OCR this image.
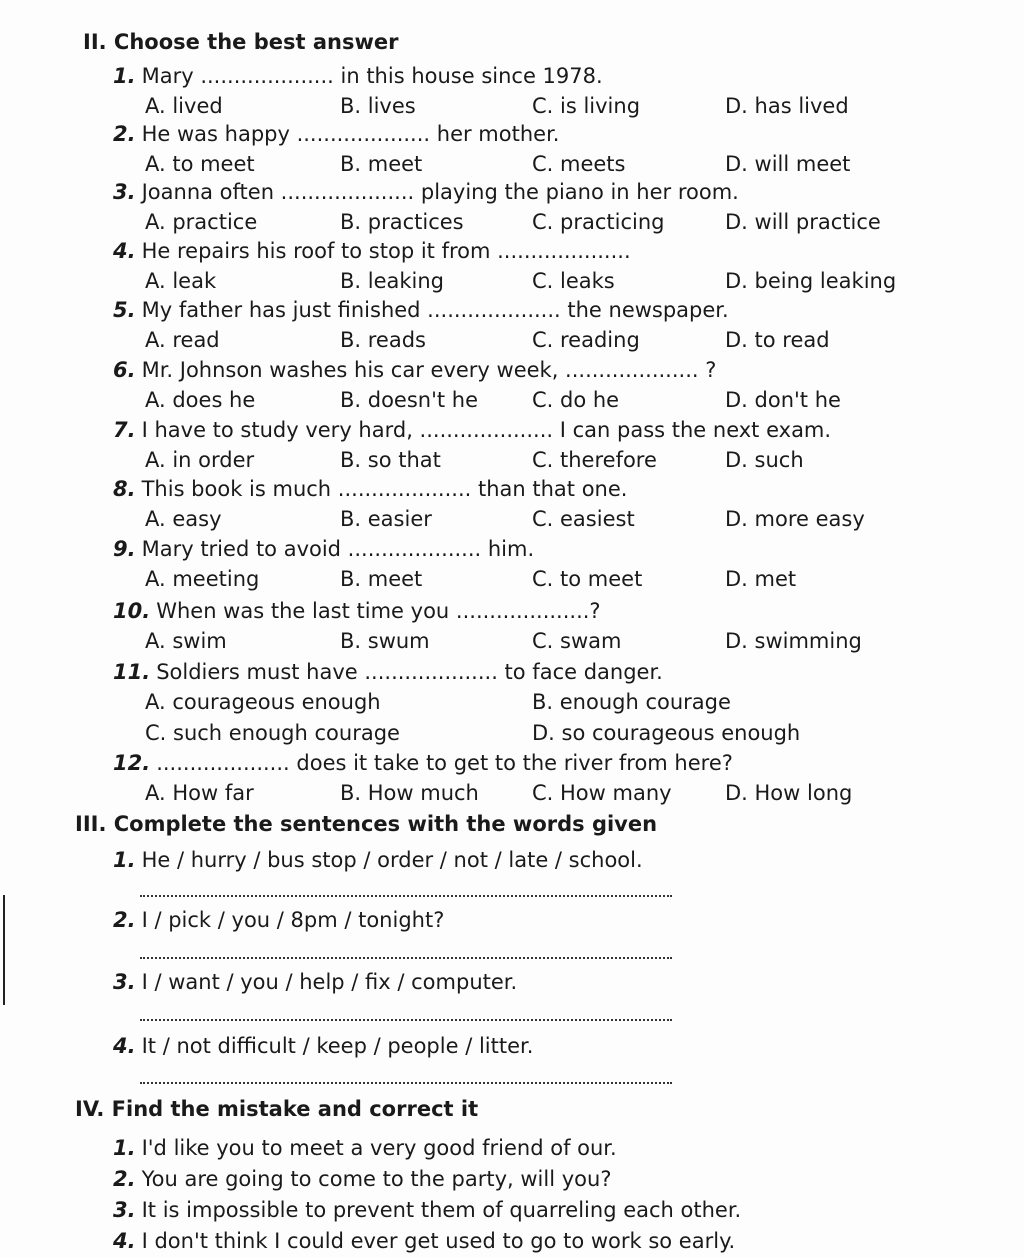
II. Choose the best answer
1. Mary .................... in this house since 1978.
A. lived	B. lives	C. is living	D. has lived
2. He was happy .................... her mother.
A. to meet	B. meet	C. meets	D. will meet
3. Joanna often .................... playing the piano in her room.
A. practice	B. practices	C. practicing	D. will practice
4. He repairs his roof to stop it from ....................
A. leak	B. leaking	C. leaks	D. being leaking
5. My father has just finished .................... the newspaper.
A. read	B. reads	C. reading	D. to read
6. Mr. Johnson washes his car every week, .................... ?
A. does he	B. doesn't he	C. do he	D. don't he
7. I have to study very hard, .................... I can pass the next exam.
A. in order	B. so that	C. therefore	D. such
8. This book is much .................... than that one.
A. easy	B. easier	C. easiest	D. more easy
9. Mary tried to avoid .................... him.
A. meeting	B. meet	C. to meet	D. met
10. When was the last time you ....................?
A. swim	B. swum	C. swam	D. swimming
11. Soldiers must have .................... to face danger.
A. courageous enough	B. enough courage
C. such enough courage	D. so courageous enough
12. .................... does it take to get to the river from here?
A. How far	B. How much	C. How many	D. How long
III. Complete the sentences with the words given
1. He / hurry / bus stop / order / not / late / school.
2. I / pick / you / 8pm / tonight?
3. I / want / you / help / fix / computer.
4. It / not difficult / keep / people / litter.
IV. Find the mistake and correct it
1. I'd like you to meet a very good friend of our.
2. You are going to come to the party, will you?
3. It is impossible to prevent them of quarreling each other.
4. I don't think I could ever get used to go to work so early.
